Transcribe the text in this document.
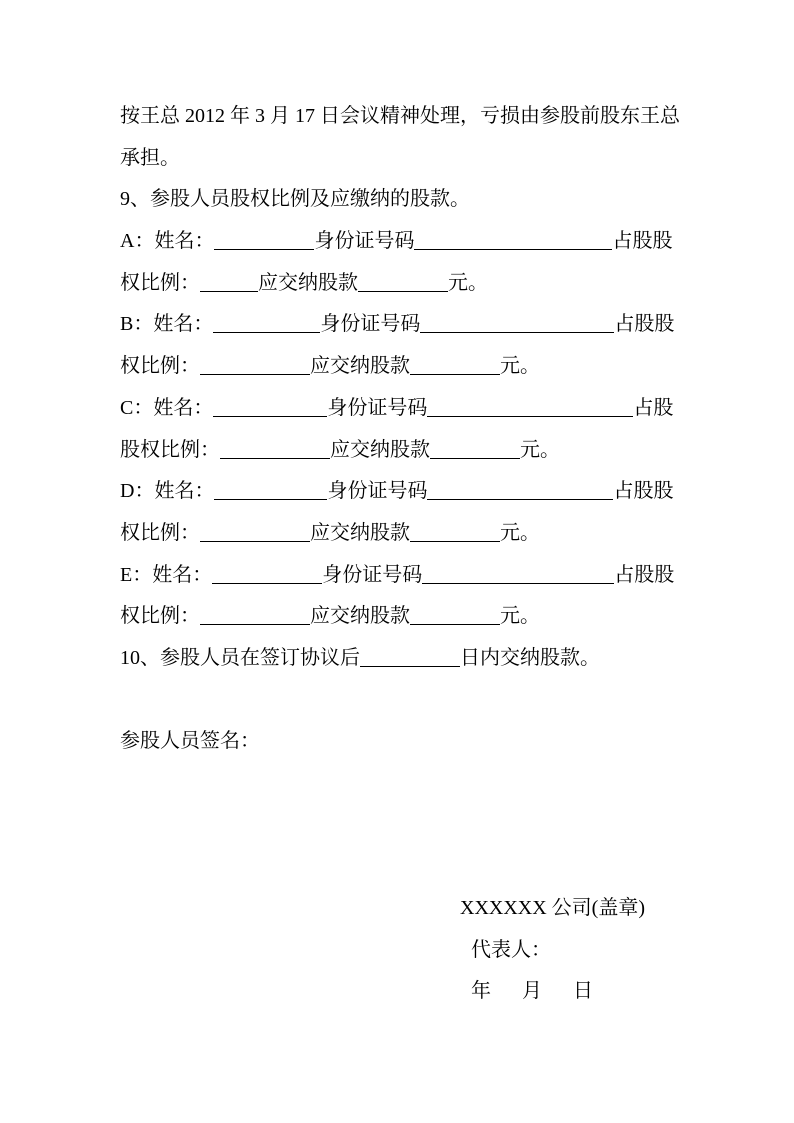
按王总 2012 年 3 月 17 日会议精神处理，亏损由参股前股东王总
承担。
9、参股人员股权比例及应缴纳的股款。
A：姓名：	身份证号码	占股股
权比例：	应交纳股款	元。
B：姓名：	身份证号码	占股股
权比例：	应交纳股款	元。
C：姓名：	身份证号码	占股
股权比例：	应交纳股款	元。
D：姓名：	身份证号码	占股股
权比例：	应交纳股款	元。
E：姓名：	身份证号码	占股股
权比例：	应交纳股款	元。
10、参股人员在签订协议后	日内交纳股款。
参股人员签名：
XXXXXX 公司(盖章)
代表人：
年 月 日
